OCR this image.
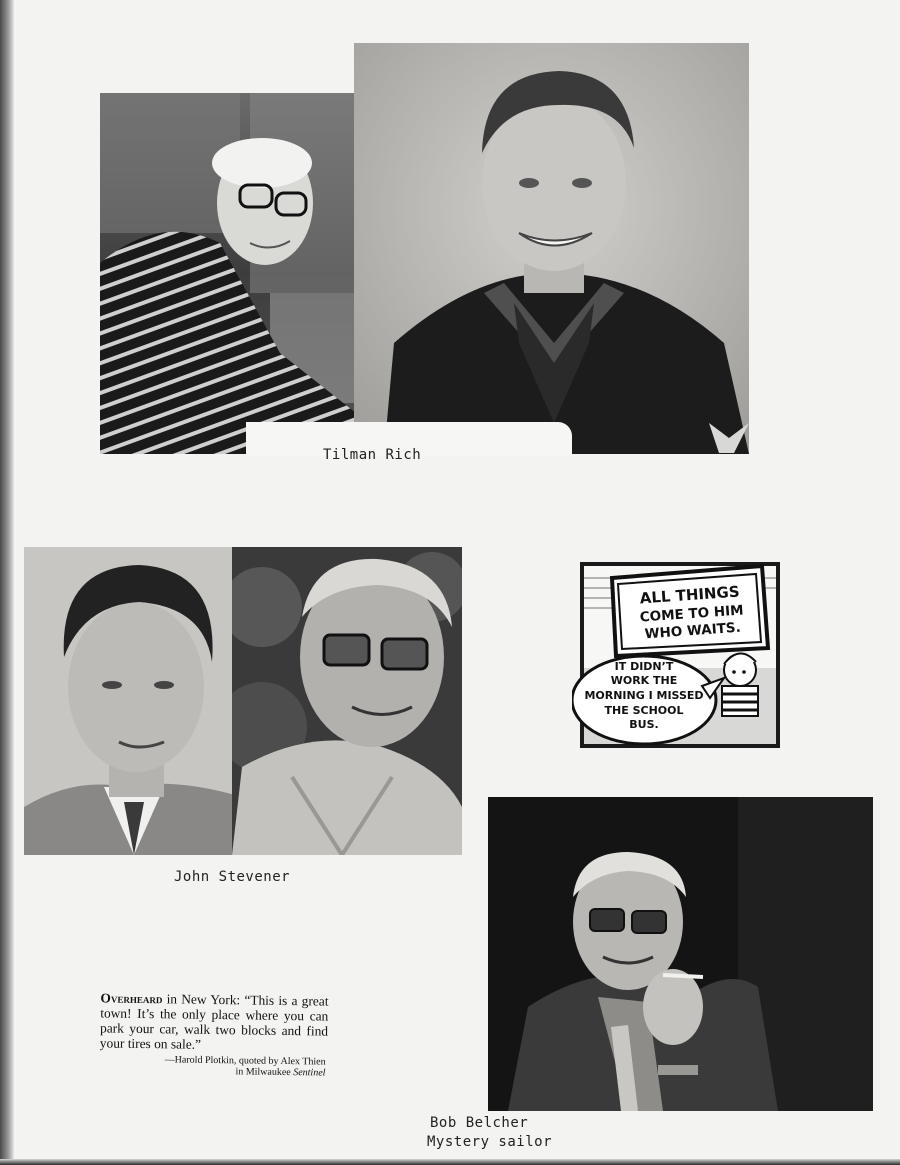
Tilman Rich
John Stevener
ALL THINGS
COME TO HIM
WHO WAITS.
IT DIDN’T
WORK THE
MORNING I MISSED
THE SCHOOL
BUS.
Bob Belcher
Mystery sailor
Overheard in New York: “This is a great town! It’s the only place where you can park your car, walk two blocks and find your tires on sale.”
—Harold Plotkin, quoted by Alex Thien
in Milwaukee Sentinel
